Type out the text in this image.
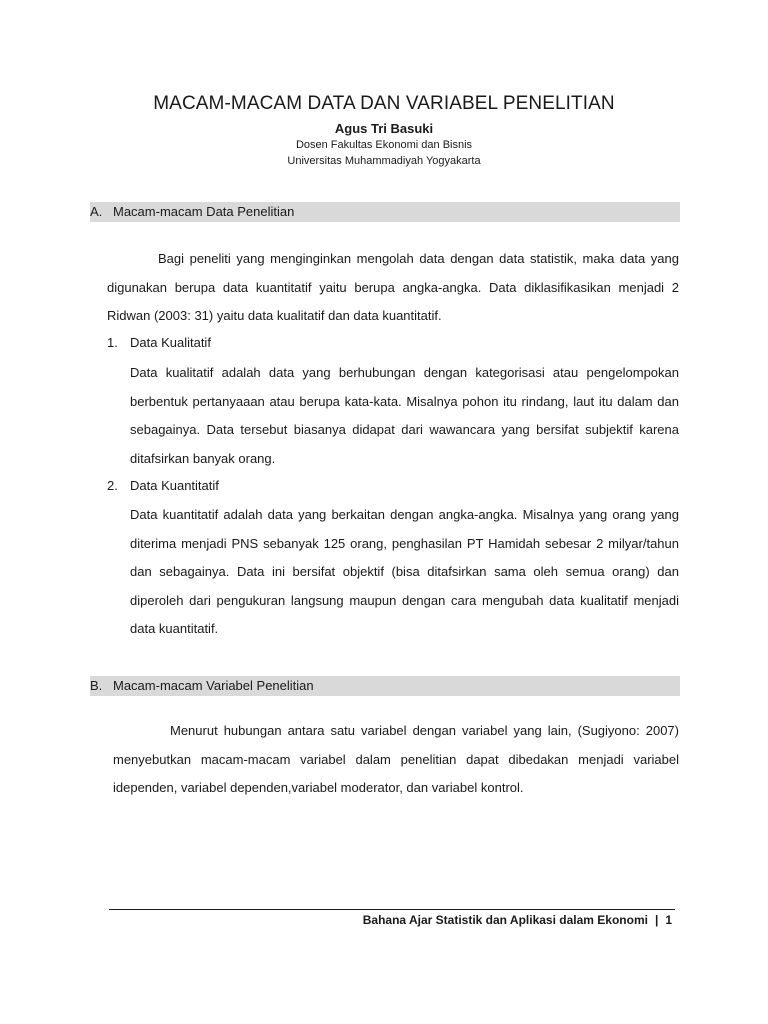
MACAM-MACAM DATA DAN VARIABEL PENELITIAN
Agus Tri Basuki
Dosen Fakultas Ekonomi dan Bisnis
Universitas Muhammadiyah Yogyakarta
A. Macam-macam Data Penelitian
Bagi peneliti yang menginginkan mengolah data dengan data statistik, maka data yang digunakan berupa data kuantitatif yaitu berupa angka-angka. Data diklasifikasikan menjadi 2 Ridwan (2003: 31) yaitu data kualitatif dan data kuantitatif.
1. Data Kualitatif
Data kualitatif adalah data yang berhubungan dengan kategorisasi atau pengelompokan berbentuk pertanyaaan atau berupa kata-kata. Misalnya pohon itu rindang, laut itu dalam dan sebagainya. Data tersebut biasanya didapat dari wawancara yang bersifat subjektif karena ditafsirkan banyak orang.
2. Data Kuantitatif
Data kuantitatif adalah data yang berkaitan dengan angka-angka. Misalnya yang orang yang diterima menjadi PNS sebanyak 125 orang, penghasilan PT Hamidah sebesar 2 milyar/tahun dan sebagainya. Data ini bersifat objektif (bisa ditafsirkan sama oleh semua orang) dan diperoleh dari pengukuran langsung maupun dengan cara mengubah data kualitatif menjadi data kuantitatif.
B. Macam-macam Variabel Penelitian
Menurut hubungan antara satu variabel dengan variabel yang lain, (Sugiyono: 2007) menyebutkan macam-macam variabel dalam penelitian dapat dibedakan menjadi variabel idependen, variabel dependen,variabel moderator, dan variabel kontrol.
Bahana Ajar Statistik dan Aplikasi dalam Ekonomi | 1
